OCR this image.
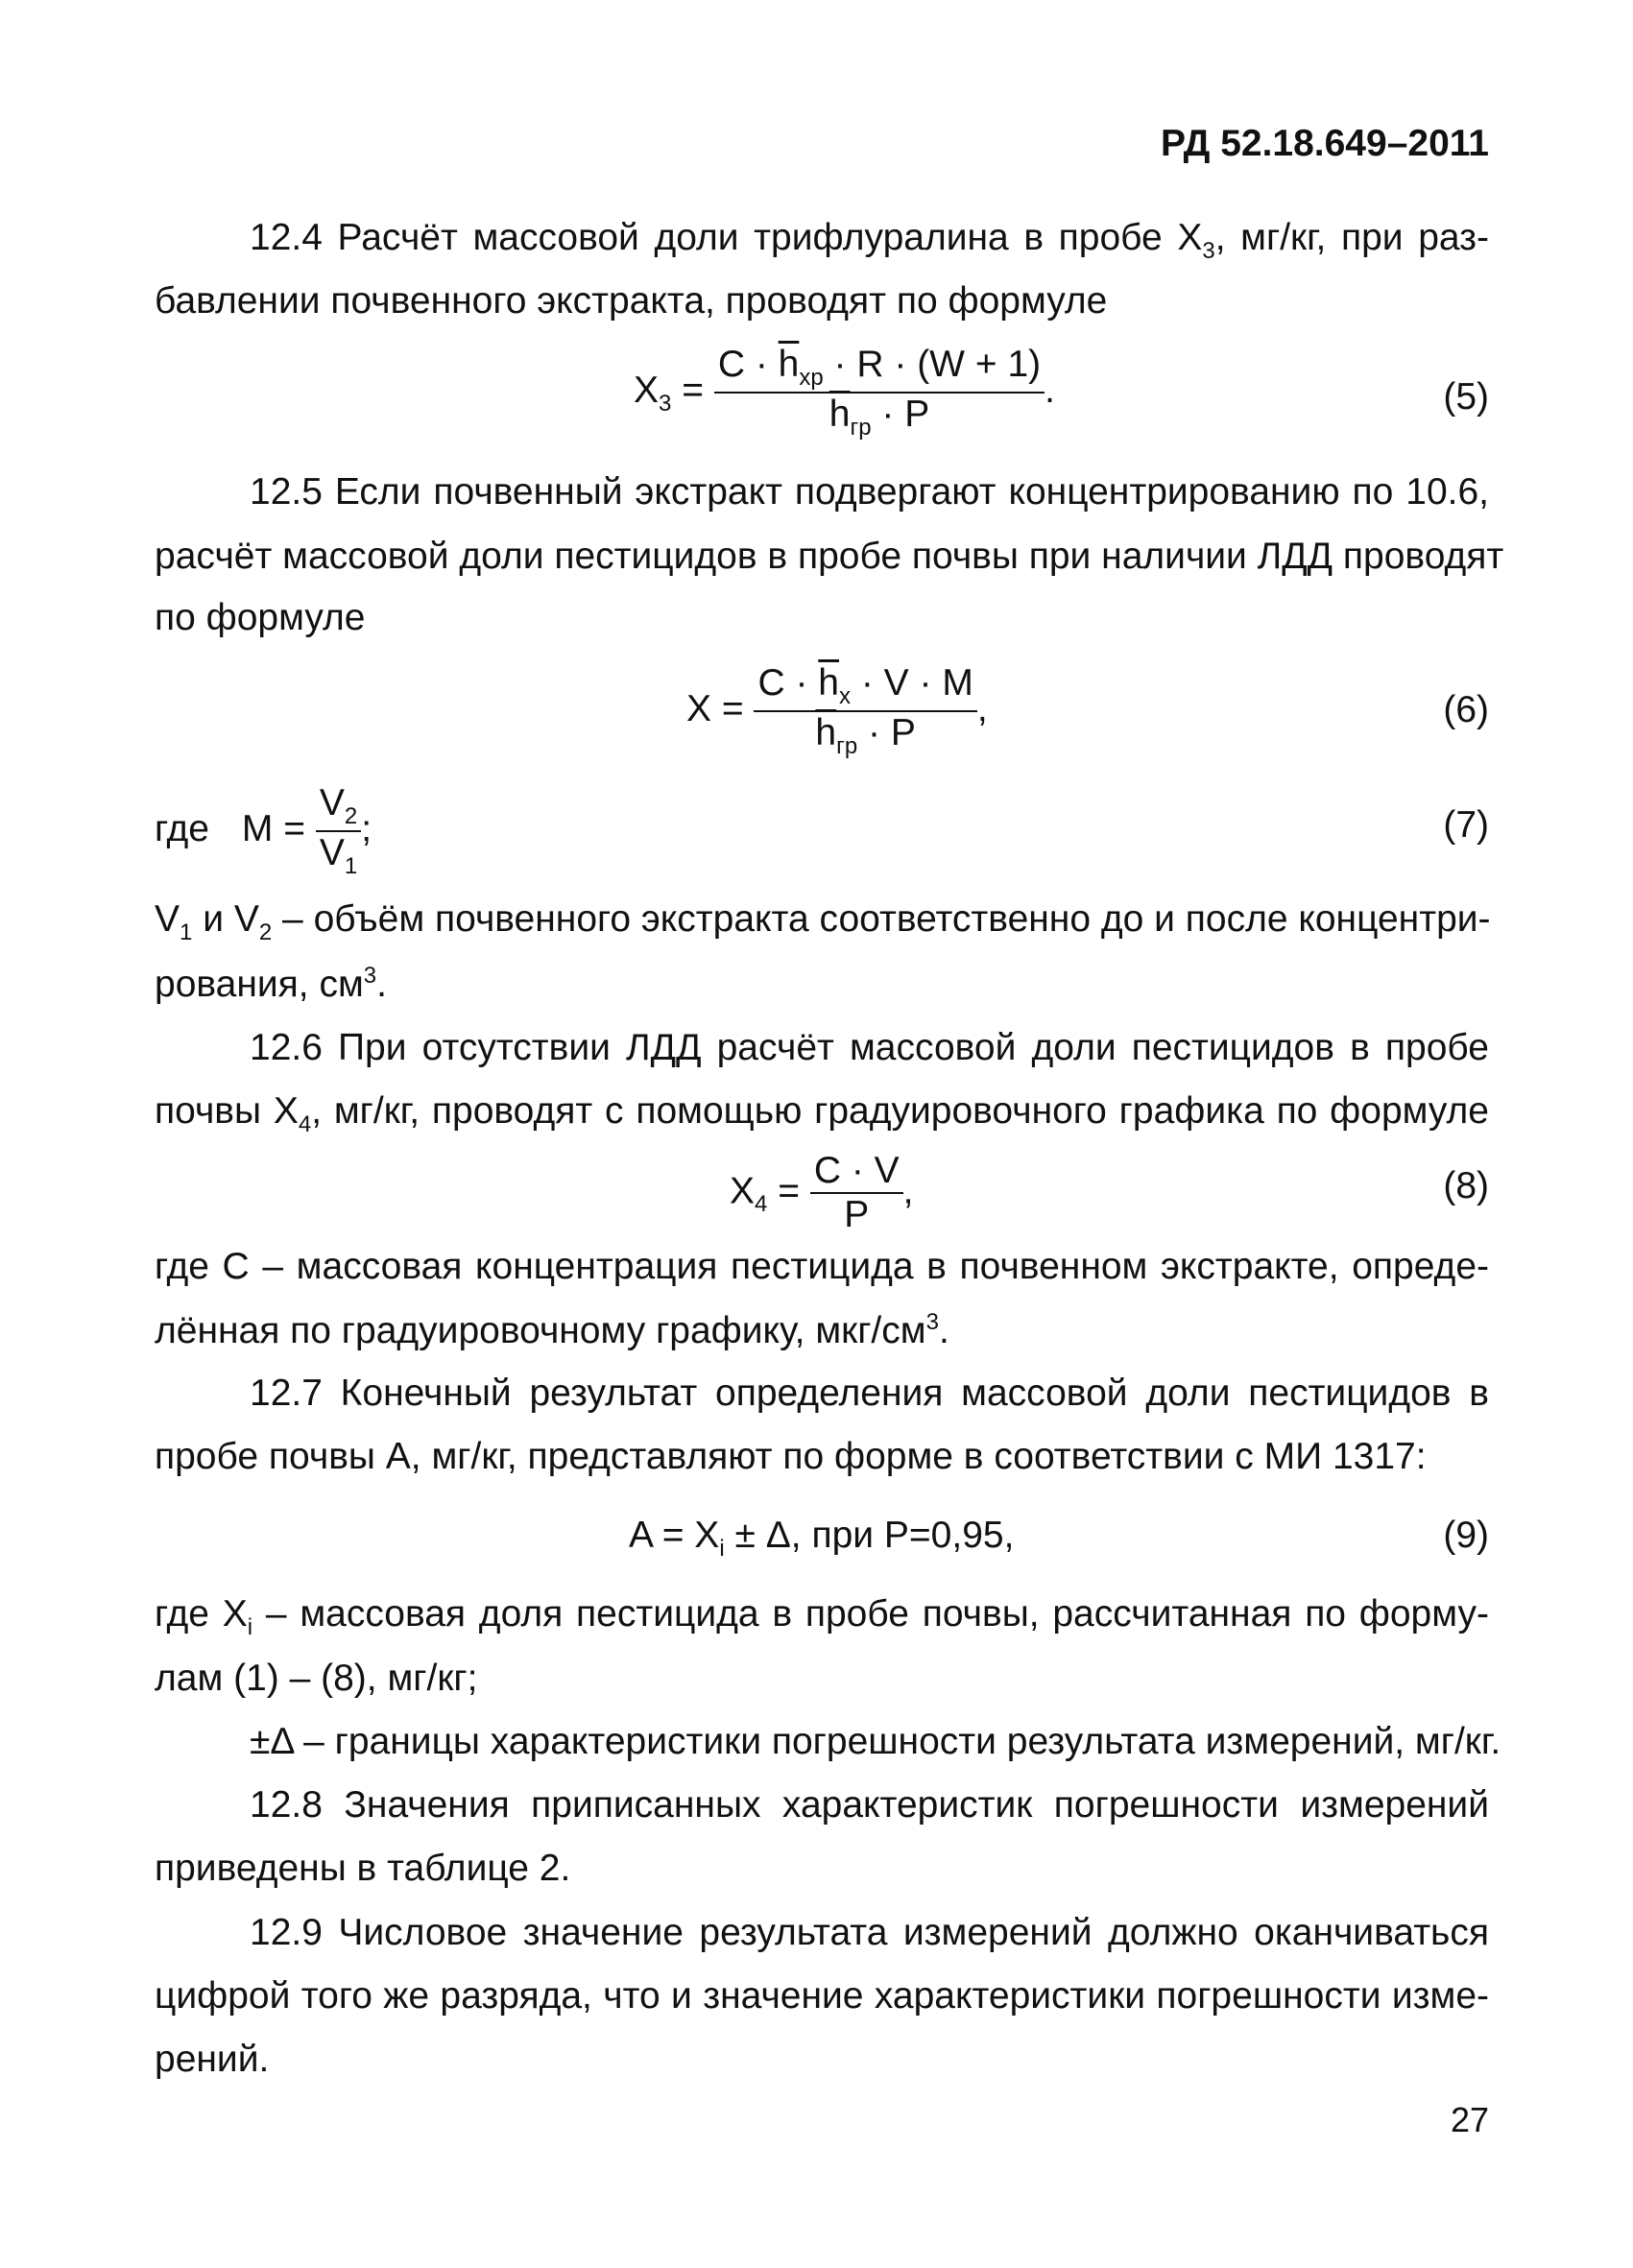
РД 52.18.649–2011
12.4 Расчёт массовой доли трифлуралина в пробе $X_3$, мг/кг, при раз-
бавлении почвенного экстракта, проводят по формуле
$X_3 = \frac{C \cdot \overline{h}_{xp} \cdot R \cdot (W + 1)}{\overline{h}_{гр} \cdot P}$ .	(5)
12.5 Если почвенный экстракт подвергают концентрированию по 10.6,
расчёт массовой доли пестицидов в пробе почвы при наличии ЛДД проводят
по формуле
$X = \frac{C \cdot \overline{h}_x \cdot V \cdot M}{\overline{h}_{гр} \cdot P}$ ,	(6)
где $M = \frac{V_2}{V_1}$ ;	(7)
$V_1$ и $V_2$ – объём почвенного экстракта соответственно до и после концентри-
рования, $см^3$.
12.6 При отсутствии ЛДД расчёт массовой доли пестицидов в пробе
почвы $X_4$, мг/кг, проводят с помощью градуировочного графика по формуле
$X_4 = \frac{C \cdot V}{P}$ ,	(8)
где C – массовая концентрация пестицида в почвенном экстракте, опреде-
лённая по градуировочному графику, мкг/$см^3$.
12.7 Конечный результат определения массовой доли пестицидов в
пробе почвы A, мг/кг, представляют по форме в соответствии с МИ 1317:
$A = X_i \pm \Delta$, при P=0,95,	(9)
где $X_i$ – массовая доля пестицида в пробе почвы, рассчитанная по форму-
лам (1) – (8), мг/кг;
±Δ – границы характеристики погрешности результата измерений, мг/кг.
12.8 Значения приписанных характеристик погрешности измерений
приведены в таблице 2.
12.9 Числовое значение результата измерений должно оканчиваться
цифрой того же разряда, что и значение характеристики погрешности изме-
рений.
27
